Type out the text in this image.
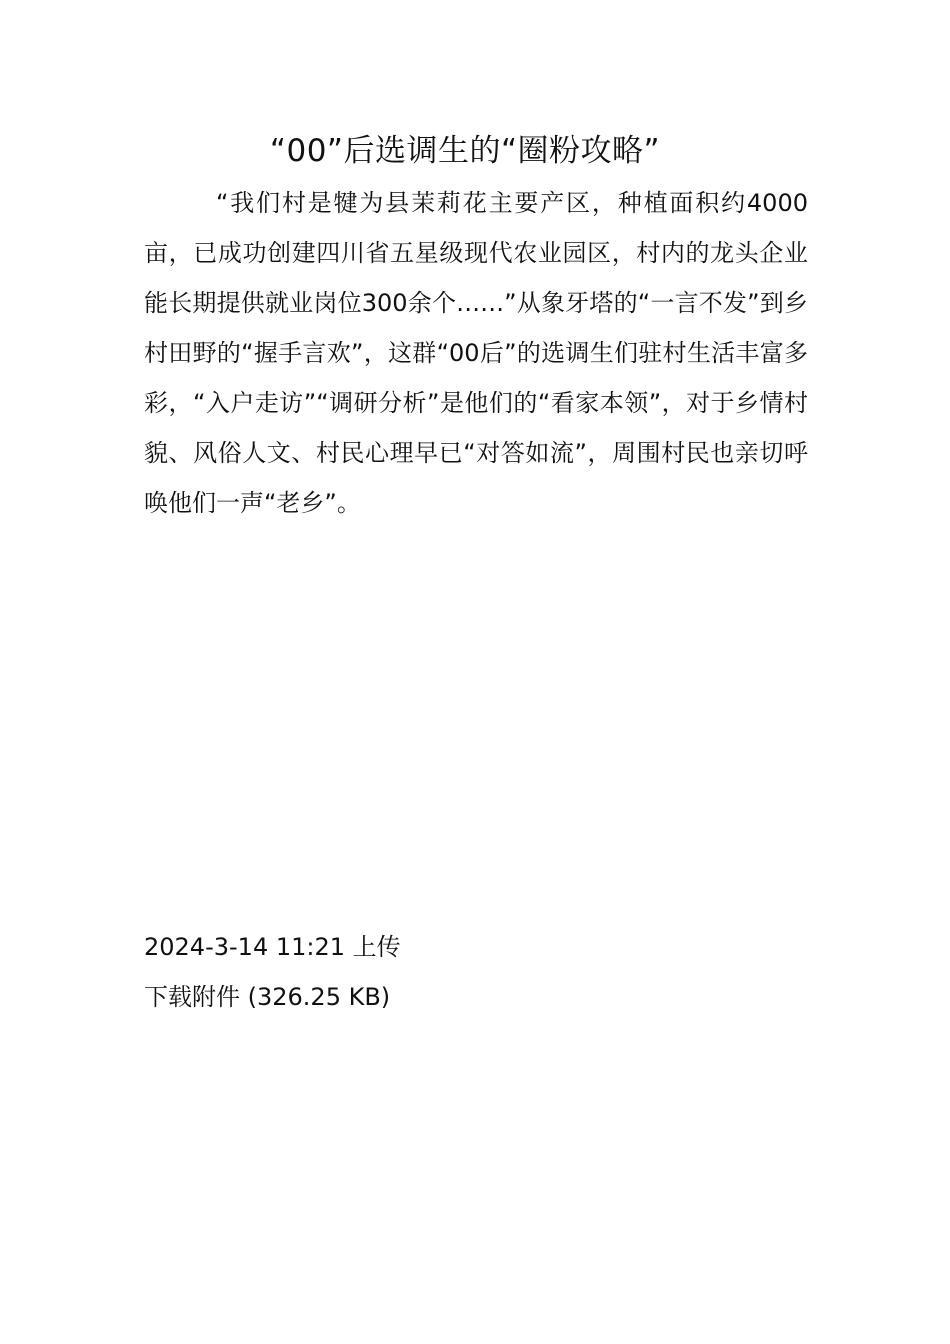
“00”后选调生的“圈粉攻略”

“我们村是犍为县茉莉花主要产区，种植面积约4000亩，已成功创建四川省五星级现代农业园区，村内的龙头企业能长期提供就业岗位300余个……”从象牙塔的“一言不发”到乡村田野的“握手言欢”，这群“00后”的选调生们驻村生活丰富多彩，“入户走访”“调研分析”是他们的“看家本领”，对于乡情村貌、风俗人文、村民心理早已“对答如流”，周围村民也亲切呼唤他们一声“老乡”。

2024-3-14 11:21 上传
下载附件 (326.25 KB)
